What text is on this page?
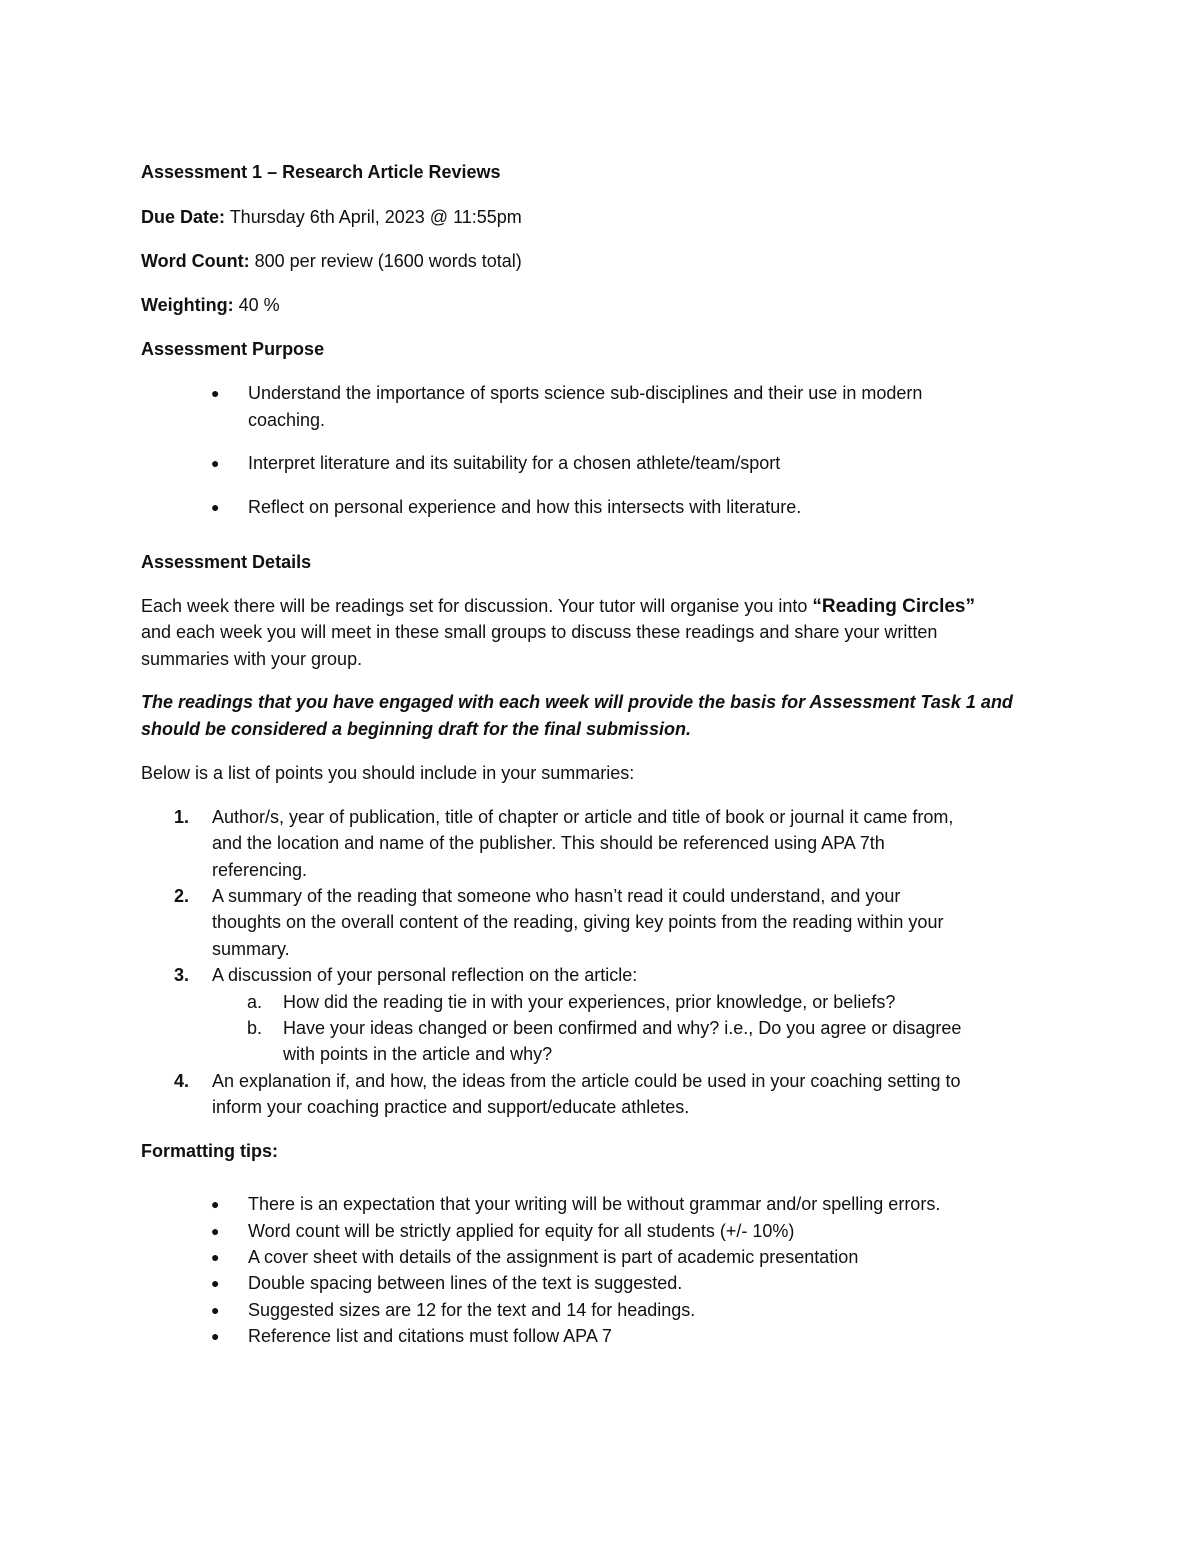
Assessment 1 – Research Article Reviews
Due Date: Thursday 6th April, 2023 @ 11:55pm
Word Count: 800 per review (1600 words total)
Weighting: 40 %
Assessment Purpose
● Understand the importance of sports science sub-disciplines and their use in modern
coaching.
● Interpret literature and its suitability for a chosen athlete/team/sport
● Reflect on personal experience and how this intersects with literature.
Assessment Details
Each week there will be readings set for discussion. Your tutor will organise you into “Reading Circles”
and each week you will meet in these small groups to discuss these readings and share your written
summaries with your group.
The readings that you have engaged with each week will provide the basis for Assessment Task 1 and
should be considered a beginning draft for the final submission.
Below is a list of points you should include in your summaries:
1. Author/s, year of publication, title of chapter or article and title of book or journal it came from,
and the location and name of the publisher. This should be referenced using APA 7th
referencing.
2. A summary of the reading that someone who hasn’t read it could understand, and your
thoughts on the overall content of the reading, giving key points from the reading within your
summary.
3. A discussion of your personal reflection on the article:
a. How did the reading tie in with your experiences, prior knowledge, or beliefs?
b. Have your ideas changed or been confirmed and why? i.e., Do you agree or disagree
with points in the article and why?
4. An explanation if, and how, the ideas from the article could be used in your coaching setting to
inform your coaching practice and support/educate athletes.
Formatting tips:
● There is an expectation that your writing will be without grammar and/or spelling errors.
● Word count will be strictly applied for equity for all students (+/- 10%)
● A cover sheet with details of the assignment is part of academic presentation
● Double spacing between lines of the text is suggested.
● Suggested sizes are 12 for the text and 14 for headings.
● Reference list and citations must follow APA 7
